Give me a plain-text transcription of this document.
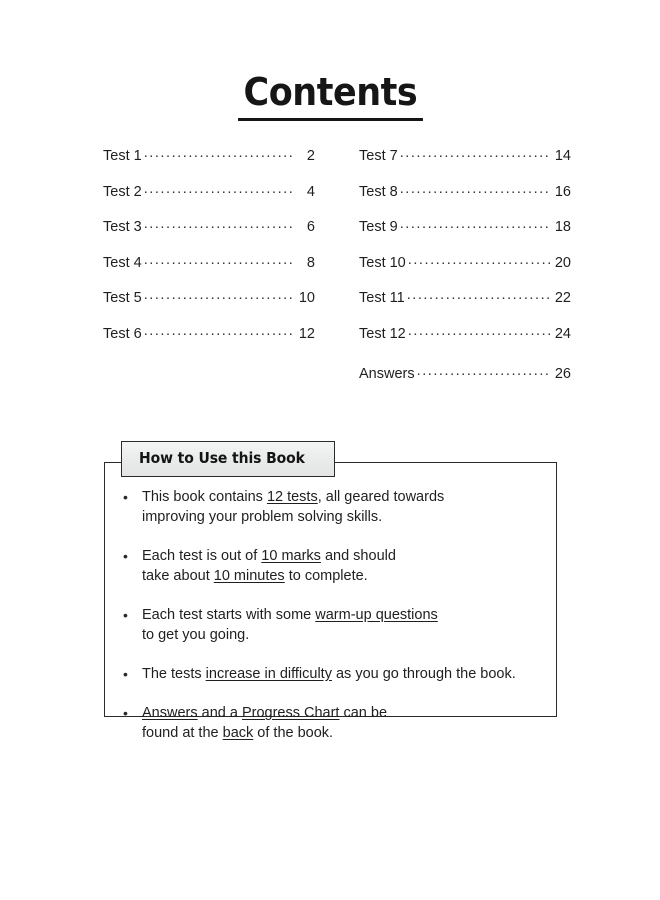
Contents
Test 1 .....	2
Test 2 .....	4
Test 3 .....	6
Test 4 .....	8
Test 5 .....	10
Test 6 .....	12
Test 7 .....	14
Test 8 .....	16
Test 9 .....	18
Test 10 .....	20
Test 11 .....	22
Test 12 .....	24
Answers .....	26
How to Use this Book
• This book contains 12 tests, all geared towards improving your problem solving skills.
• Each test is out of 10 marks and should
take about 10 minutes to complete.
• Each test starts with some warm-up questions
to get you going.
• The tests increase in difficulty as you go through the book.
• Answers and a Progress Chart can be
found at the back of the book.
